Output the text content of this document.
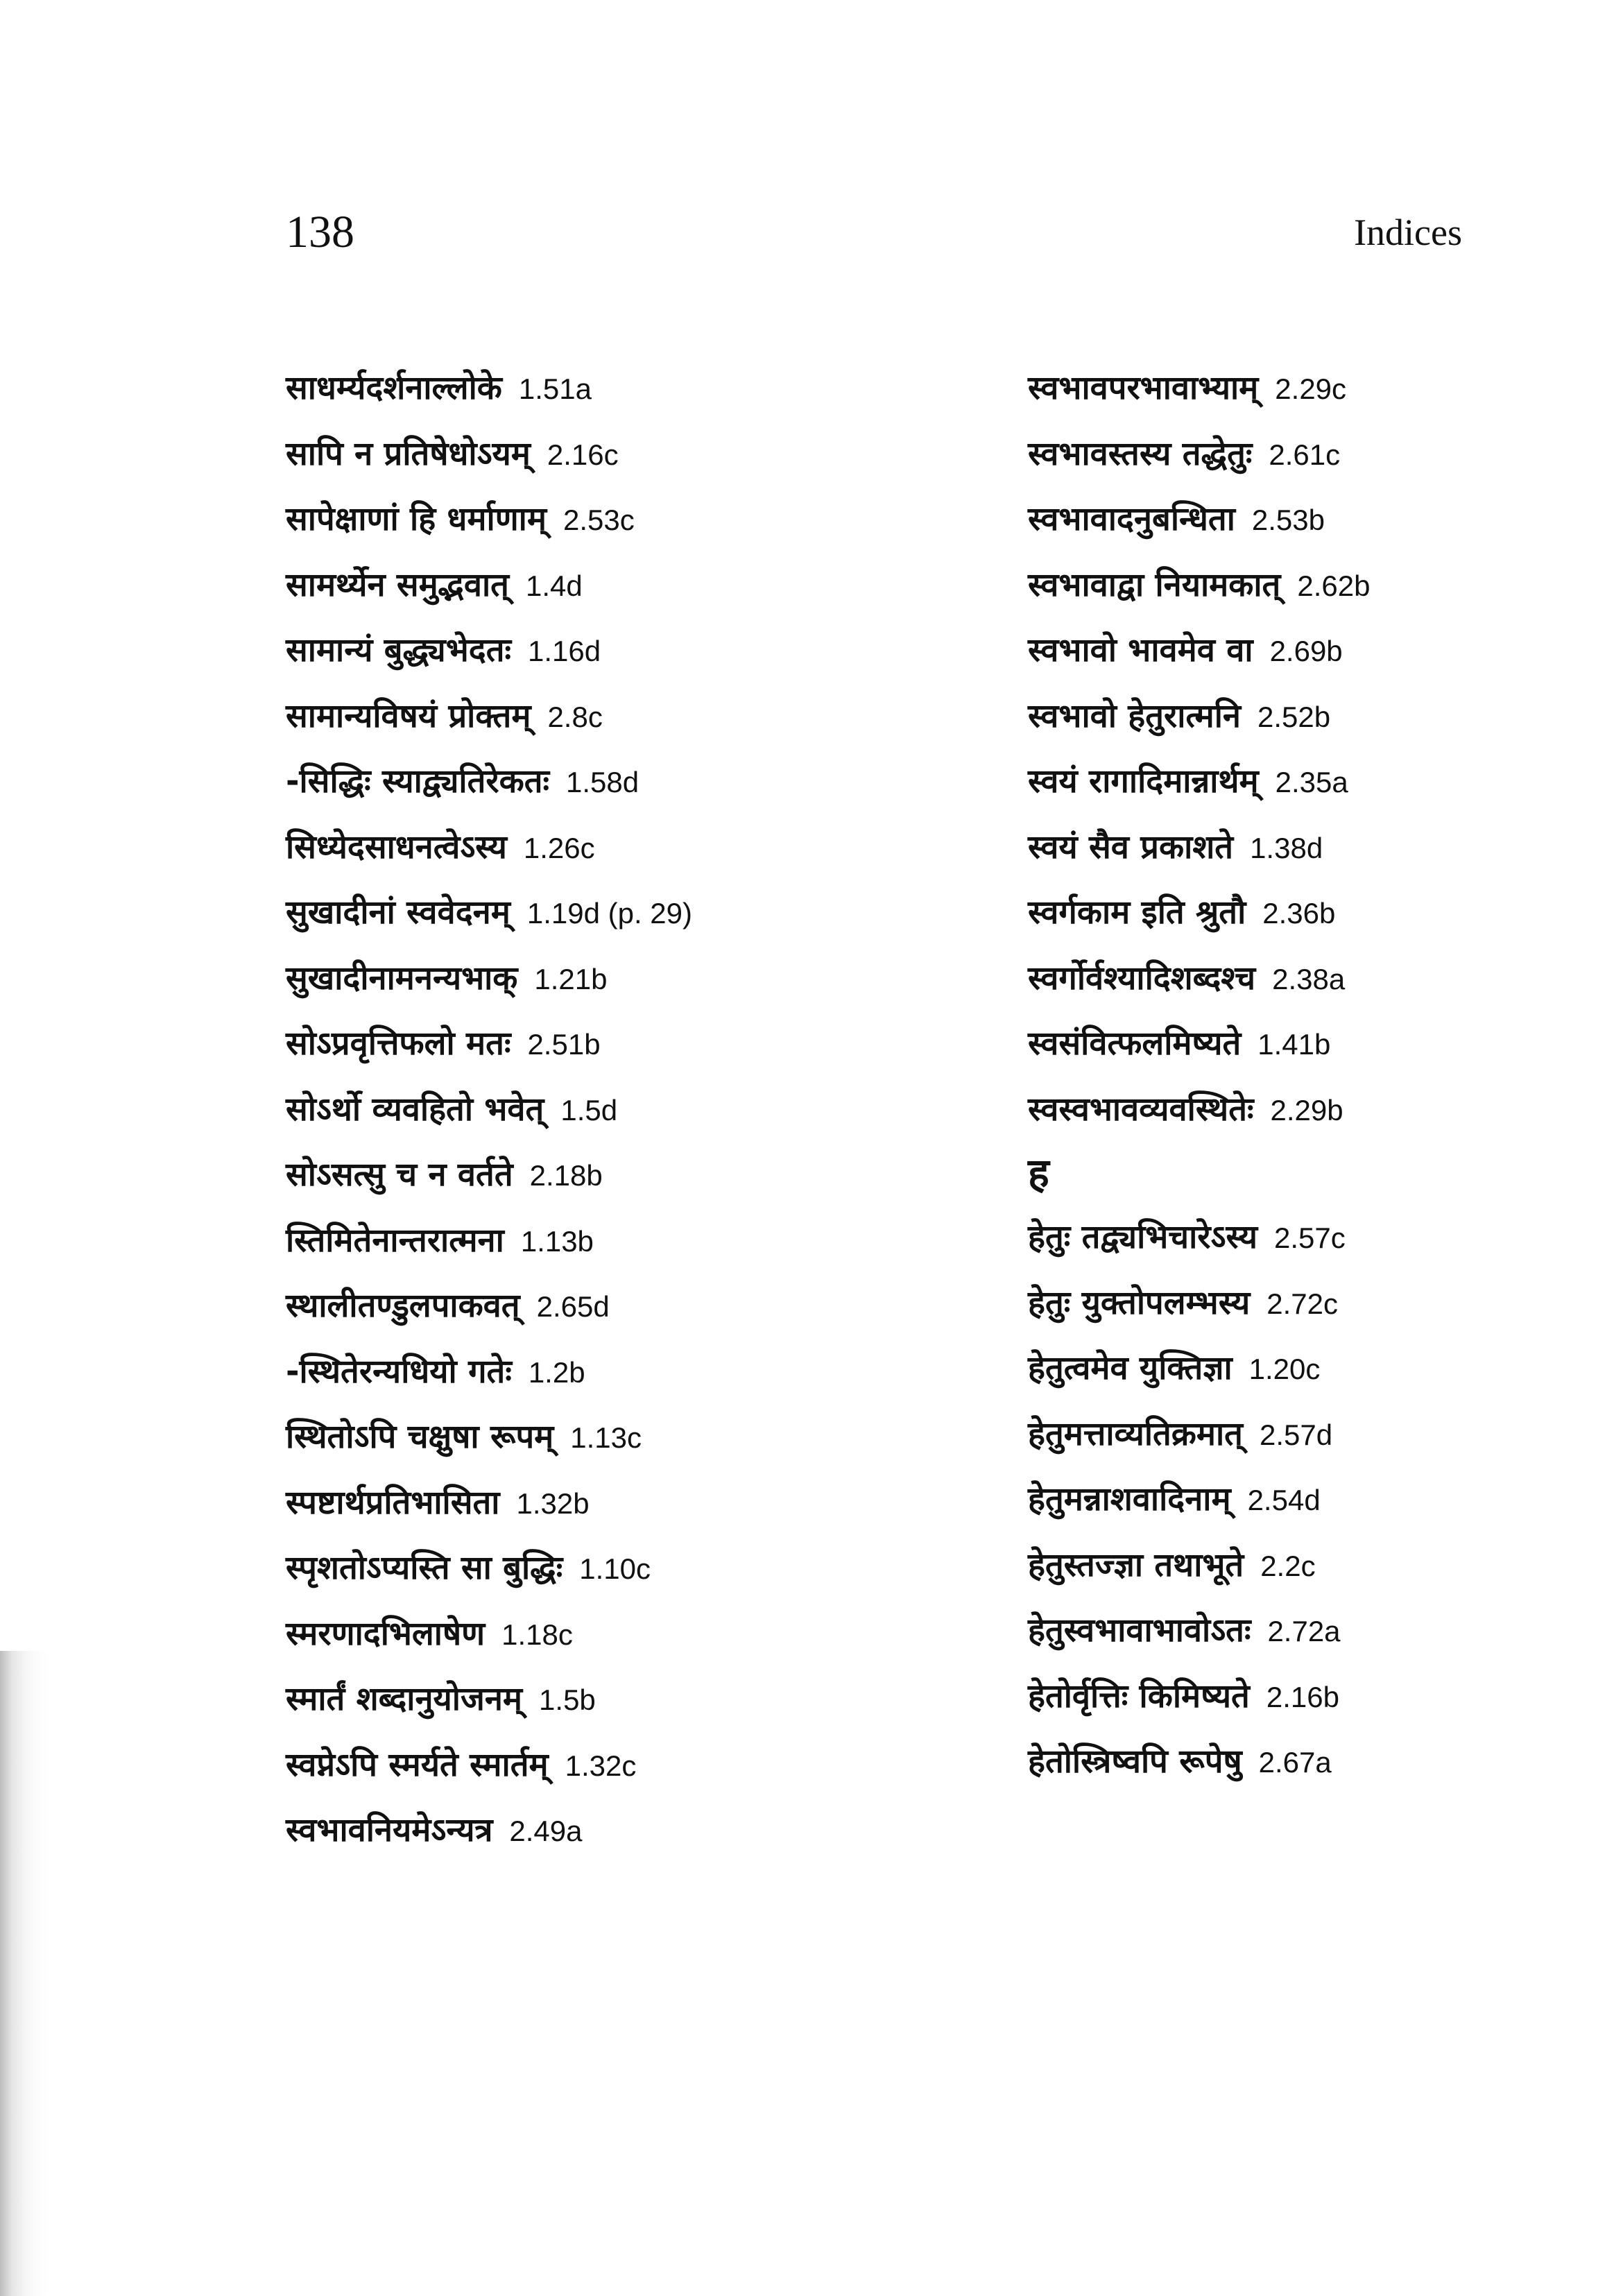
138	Indices
साधर्म्यदर्शनाल्लोके 1.51a
सापि न प्रतिषेधोऽयम् 2.16c
सापेक्षाणां हि धर्माणाम् 2.53c
सामर्थ्येन समुद्भवात् 1.4d
सामान्यं बुद्ध्यभेदतः 1.16d
सामान्यविषयं प्रोक्तम् 2.8c
-सिद्धिः स्याद्व्यतिरेकतः 1.58d
सिध्येदसाधनत्वेऽस्य 1.26c
सुखादीनां स्ववेदनम् 1.19d (p. 29)
सुखादीनामनन्यभाक् 1.21b
सोऽप्रवृत्तिफलो मतः 2.51b
सोऽर्थो व्यवहितो भवेत् 1.5d
सोऽसत्सु च न वर्तते 2.18b
स्तिमितेनान्तरात्मना 1.13b
स्थालीतण्डुलपाकवत् 2.65d
-स्थितेरन्यधियो गतेः 1.2b
स्थितोऽपि चक्षुषा रूपम् 1.13c
स्पष्टार्थप्रतिभासिता 1.32b
स्पृशतोऽप्यस्ति सा बुद्धिः 1.10c
स्मरणादभिलाषेण 1.18c
स्मार्तं शब्दानुयोजनम् 1.5b
स्वप्नेऽपि स्मर्यते स्मार्तम् 1.32c
स्वभावनियमेऽन्यत्र 2.49a
स्वभावपरभावाभ्याम् 2.29c
स्वभावस्तस्य तद्धेतुः 2.61c
स्वभावादनुबन्धिता 2.53b
स्वभावाद्वा नियामकात् 2.62b
स्वभावो भावमेव वा 2.69b
स्वभावो हेतुरात्मनि 2.52b
स्वयं रागादिमान्नार्थम् 2.35a
स्वयं सैव प्रकाशते 1.38d
स्वर्गकाम इति श्रुतौ 2.36b
स्वर्गोर्वश्यादिशब्दश्च 2.38a
स्वसंवित्फलमिष्यते 1.41b
स्वस्वभावव्यवस्थितेः 2.29b
ह
हेतुः तद्व्यभिचारेऽस्य 2.57c
हेतुः युक्तोपलम्भस्य 2.72c
हेतुत्वमेव युक्तिज्ञा 1.20c
हेतुमत्ताव्यतिक्रमात् 2.57d
हेतुमन्नाशवादिनाम् 2.54d
हेतुस्तज्ज्ञा तथाभूते 2.2c
हेतुस्वभावाभावोऽतः 2.72a
हेतोर्वृत्तिः किमिष्यते 2.16b
हेतोस्त्रिष्वपि रूपेषु 2.67a
